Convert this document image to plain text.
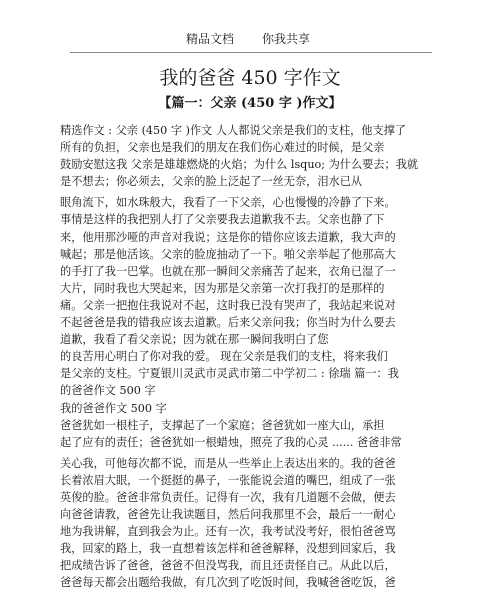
精品文档 你我共享
我的爸爸 450 字作文
【篇一：父亲 (450 字 )作文】
精选作文 : 父亲 (450 字 )作文 人人都说父亲是我们的支柱，他支撑了
所有的负担，父亲也是我们的朋友在我们伤心难过的时候，是父亲
鼓励安慰这我 父亲是雄雄燃烧的火焰；为什么 lsquo; 为什么要去；我就
是不想去；你必须去，父亲的脸上泛起了一丝无奈，泪水已从
眼角流下，如水珠般大，我看了一下父亲，心也慢慢的冷静了下来。
事情是这样的我把别人打了父亲要我去道歉我不去。父亲也静了下
来，他用那沙哑的声音对我说；这是你的错你应该去道歉，我大声的
喊起；那是他活该。父亲的脸庞抽动了一下。啪父亲举起了他那高大
的手打了我一巴掌。也就在那一瞬间父亲痛苦了起来，衣角已湿了一
大片，同时我也大哭起来，因为那是父亲第一次打我打的是那样的
痛。父亲一把抱住我说对不起，这时我已没有哭声了，我站起来说对
不起爸爸是我的错我应该去道歉。后来父亲问我；你当时为什么要去
道歉，我看了看父亲说；因为就在那一瞬间我明白了您
的良苦用心明白了你对我的爱。 现在父亲是我们的支柱，将来我们
是父亲的支柱。宁夏银川灵武市灵武市第二中学初二 : 徐瑞 篇一：我
的爸爸作文 500 字
我的爸爸作文 500 字
爸爸犹如一根柱子，支撑起了一个家庭；爸爸犹如一座大山，承担
起了应有的责任；爸爸犹如一根蜡烛，照亮了我的心灵 ...... 爸爸非常
关心我，可他每次都不说，而是从一些举止上表达出来的。我的爸爸
长着浓眉大眼，一个挺挺的鼻子，一张能说会道的嘴巴，组成了一张
英俊的脸。爸爸非常负责任。记得有一次，我有几道题不会做，便去
向爸爸请教，爸爸先让我读题目，然后问我那里不会，最后一一耐心
地为我讲解，直到我会为止。还有一次，我考试没考好，很怕爸爸骂
我，回家的路上，我一直想着该怎样和爸爸解释，没想到回家后，我
把成绩告诉了爸爸，爸爸不但没骂我，而且还责怪自己。从此以后，
爸爸每天都会出题给我做，有几次到了吃饭时间，我喊爸爸吃饭，爸
